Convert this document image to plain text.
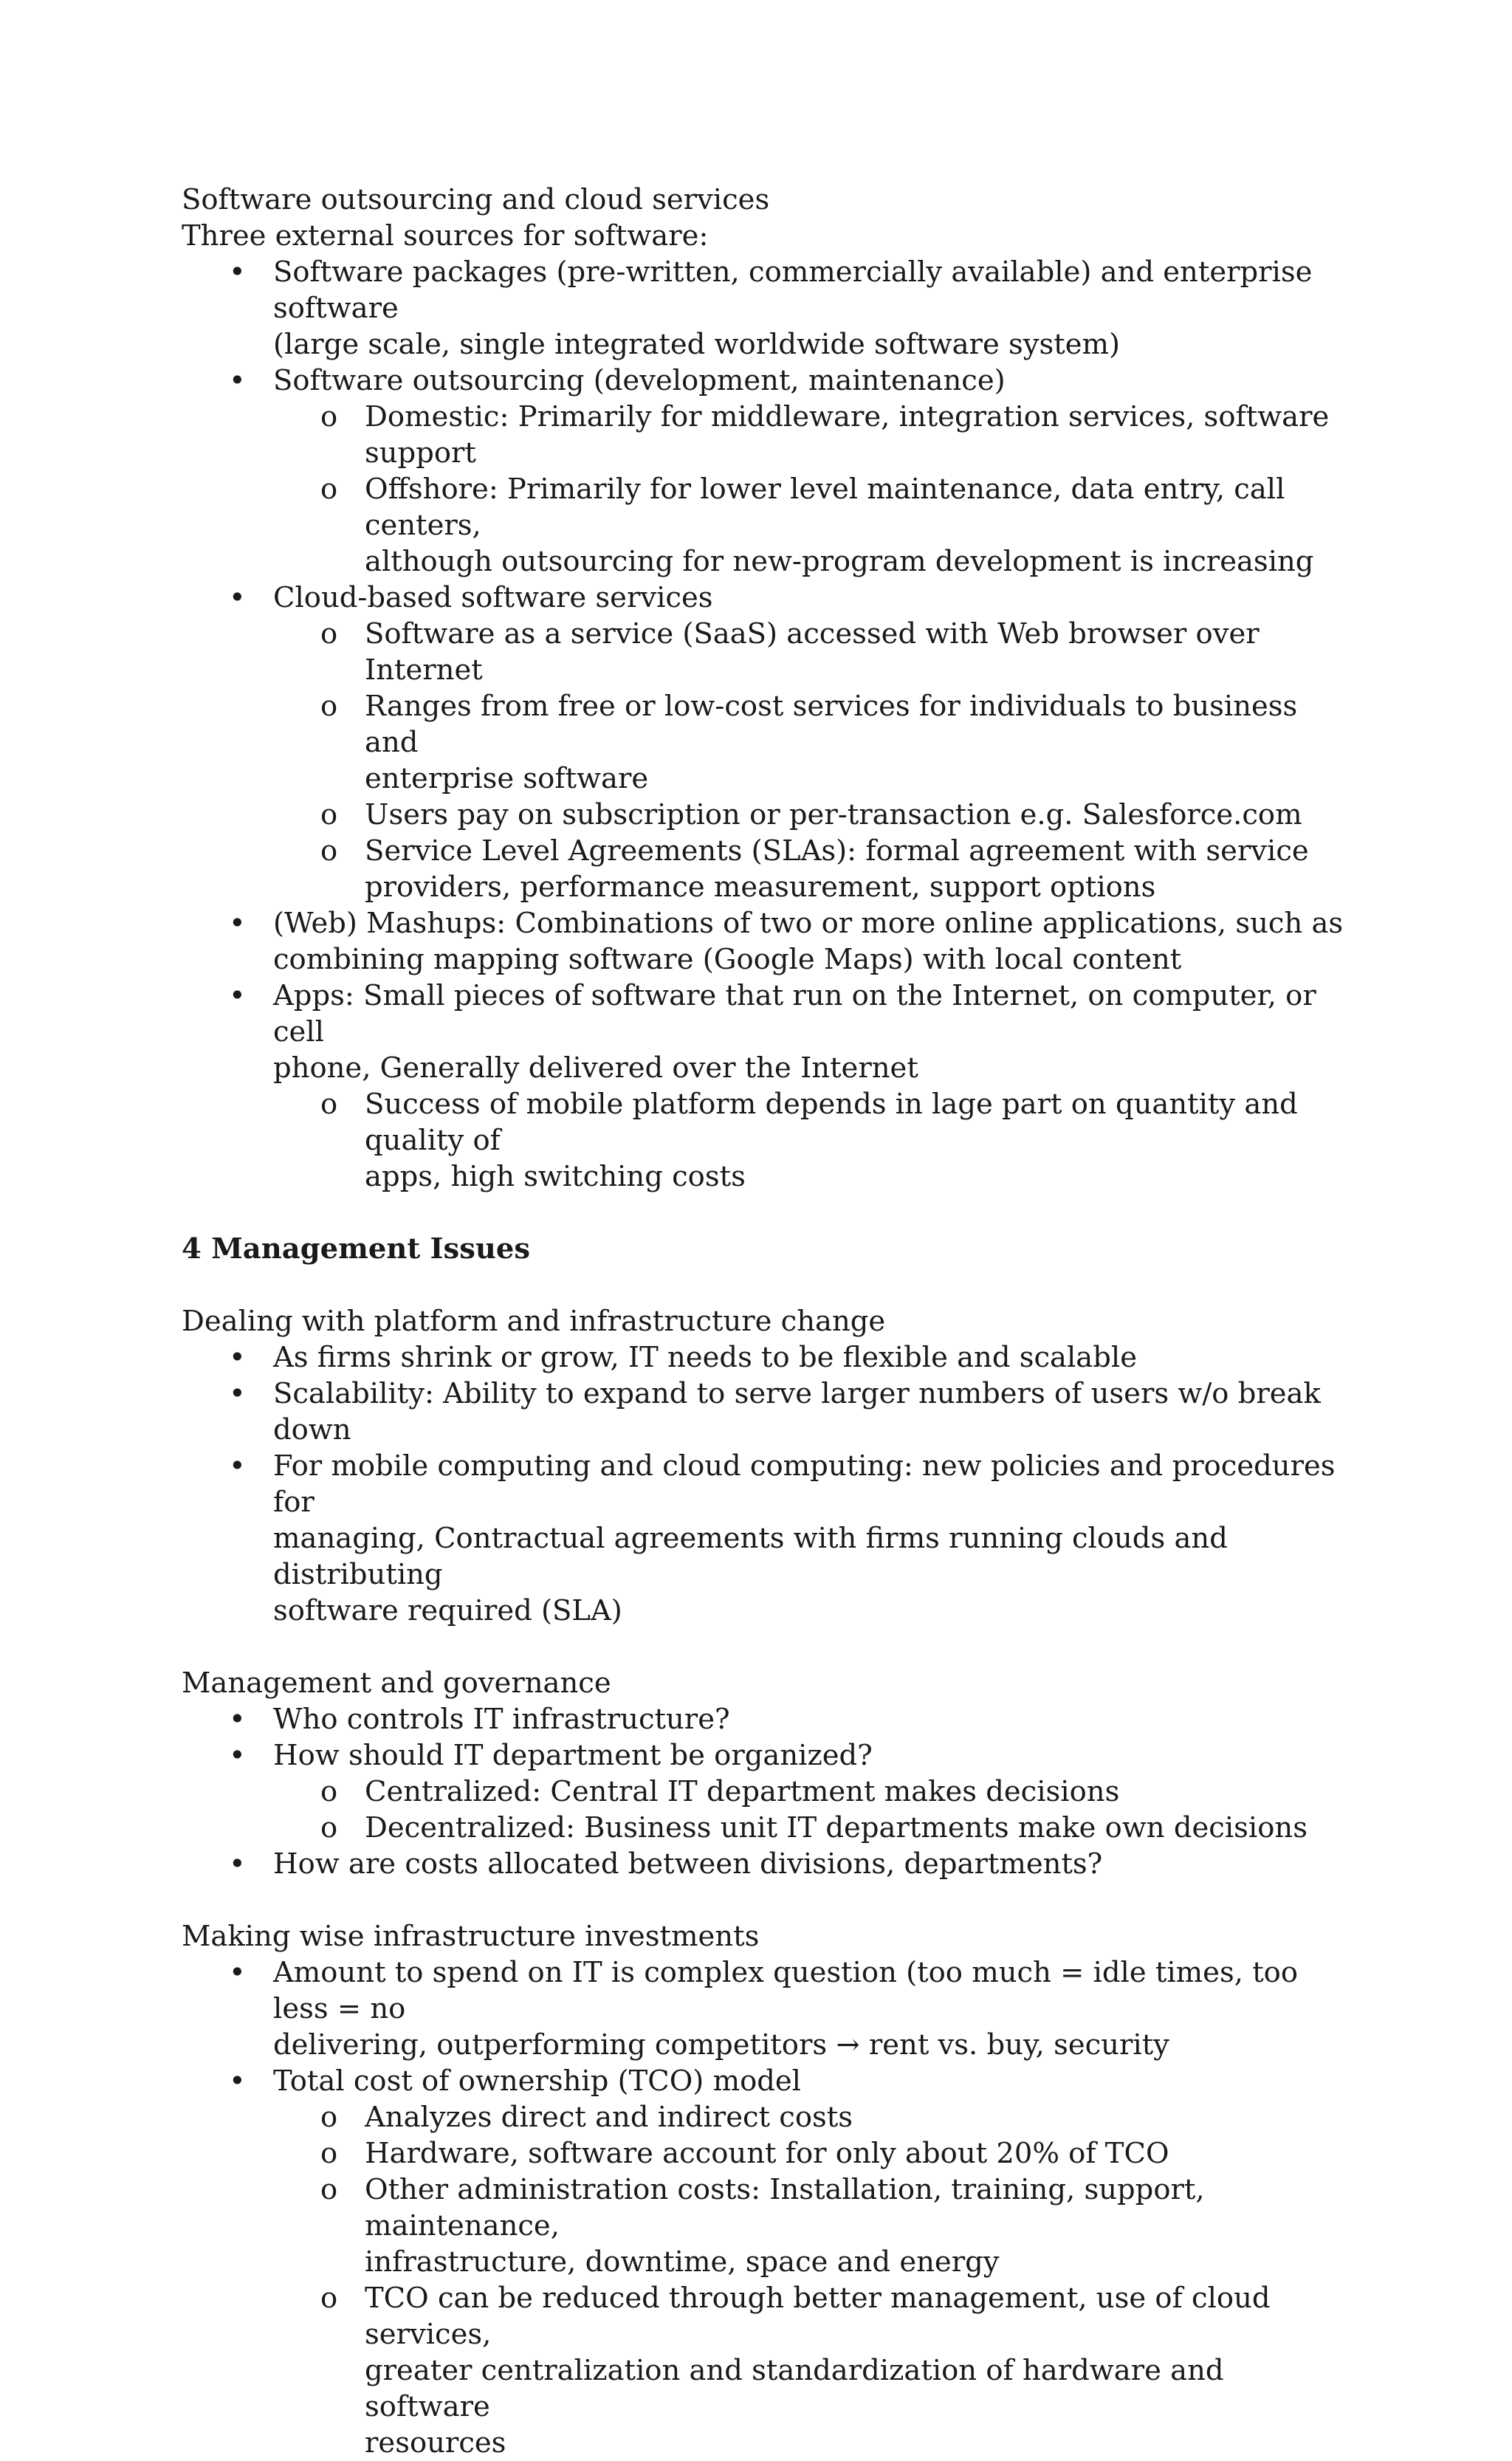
Software outsourcing and cloud services

Three external sources for software:

• Software packages (pre-written, commercially available) and enterprise software
(large scale, single integrated worldwide software system)
• Software outsourcing (development, maintenance)
o Domestic: Primarily for middleware, integration services, software
support
o Offshore: Primarily for lower level maintenance, data entry, call centers,
although outsourcing for new-program development is increasing
• Cloud-based software services
o Software as a service (SaaS) accessed with Web browser over Internet
o Ranges from free or low-cost services for individuals to business and
enterprise software
o Users pay on subscription or per-transaction e.g. Salesforce.com
o Service Level Agreements (SLAs): formal agreement with service
providers, performance measurement, support options
• (Web) Mashups: Combinations of two or more online applications, such as
combining mapping software (Google Maps) with local content
• Apps: Small pieces of software that run on the Internet, on computer, or cell
phone, Generally delivered over the Internet
o Success of mobile platform depends in lage part on quantity and quality of
apps, high switching costs

4 Management Issues

Dealing with platform and infrastructure change

• As firms shrink or grow, IT needs to be flexible and scalable
• Scalability: Ability to expand to serve larger numbers of users w/o break down
• For mobile computing and cloud computing: new policies and procedures for
managing, Contractual agreements with firms running clouds and distributing
software required (SLA)

Management and governance

• Who controls IT infrastructure?
• How should IT department be organized?
o Centralized: Central IT department makes decisions
o Decentralized: Business unit IT departments make own decisions
• How are costs allocated between divisions, departments?

Making wise infrastructure investments

• Amount to spend on IT is complex question (too much = idle times, too less = no
delivering, outperforming competitors → rent vs. buy, security
• Total cost of ownership (TCO) model
o Analyzes direct and indirect costs
o Hardware, software account for only about 20% of TCO
o Other administration costs: Installation, training, support, maintenance,
infrastructure, downtime, space and energy
o TCO can be reduced through better management, use of cloud services,
greater centralization and standardization of hardware and software
resources
